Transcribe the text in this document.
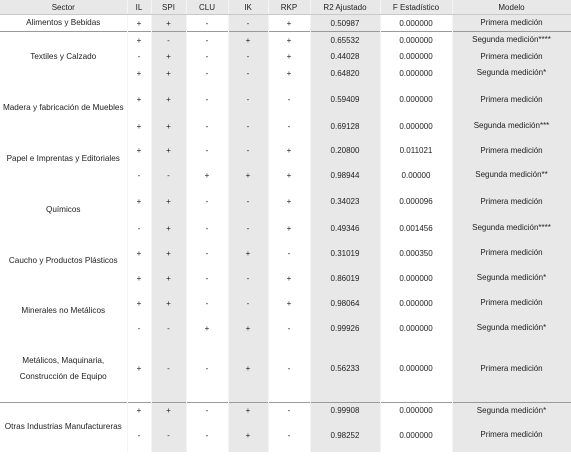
Sector	IL	SPI	CLU	IK	RKP	R2 Ajustado	F Estadístico	Modelo
Alimentos y Bebidas	+	+	-	-	+	0.50987	0.000000	Primera medición
Textiles y Calzado	+	-	-	+	+	0.65532	0.000000	Segunda medición****
	-	+	-	-	+	0.44028	0.000000	Primera medición
	+	+	-	-	+	0.64820	0.000000	Segunda medición*
Madera y fabricación de Muebles	+	+	-	-	-	0.59409	0.000000	Primera medición
	+	+	-	-	-	0.69128	0.000000	Segunda medición***
Papel e Imprentas y Editoriales	+	+	-	-	+	0.20800	0.011021	Primera medición
	-	-	+	+	+	0.98944	0.00000	Segunda medición**
Químicos	+	+	-	-	+	0.34023	0.000096	Primera medición
	-	+	-	-	+	0.49346	0.001456	Segunda medición****
Caucho y Productos Plásticos	+	+	-	+	-	0.31019	0.000350	Primera medición
	+	+	-	-	+	0.86019	0.000000	Segunda medición*
Minerales no Metálicos	+	+	-	-	+	0.98064	0.000000	Primera medición
	-	-	+	+	-	0.99926	0.000000	Segunda medición*
Metálicos, Maquinaria, Construcción de Equipo	+	-	-	+	-	0.56233	0.000000	Primera medición
Otras Industrias Manufactureras	+	+	-	+	-	0.99908	0.000000	Segunda medición*
	-	-	-	+	-	0.98252	0.000000	Primera medición
